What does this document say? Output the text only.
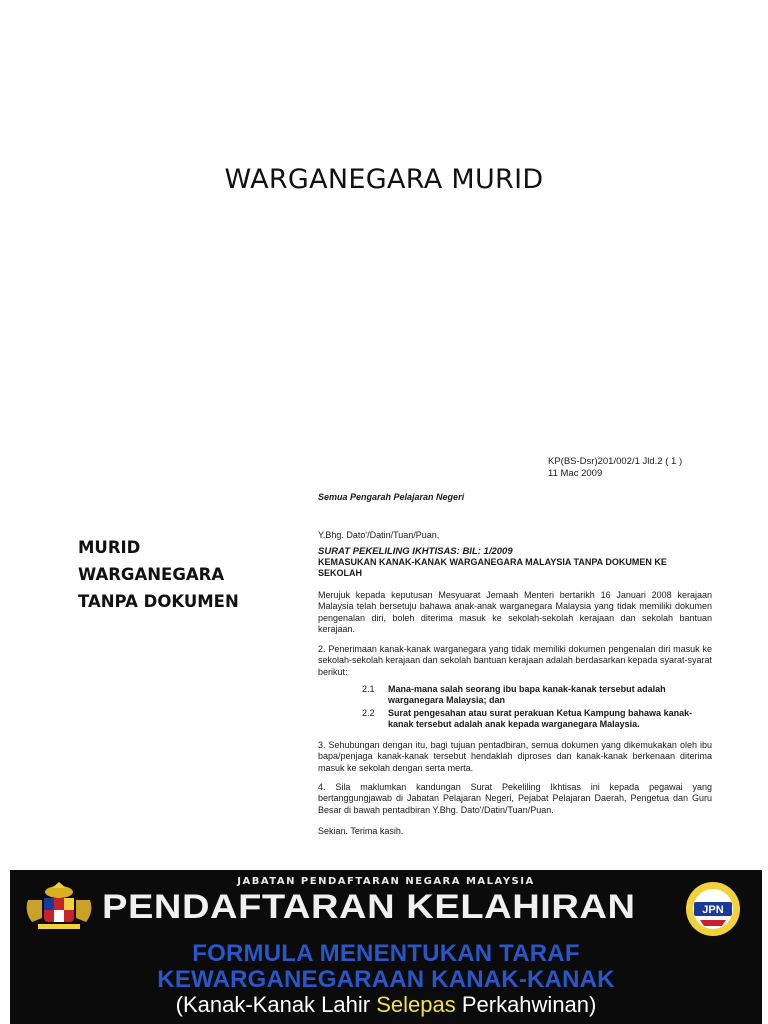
WARGANEGARA MURID
MURID
WARGANEGARA
TANPA DOKUMEN
KP(BS-Dsr)201/002/1 Jld.2 ( 1 )
11 Mac 2009

Semua Pengarah Pelajaran Negeri

Y.Bhg. Dato'/Datin/Tuan/Puan,

SURAT PEKELILING IKHTISAS: BIL: 1/2009
KEMASUKAN KANAK-KANAK WARGANEGARA MALAYSIA TANPA DOKUMEN KE SEKOLAH

Merujuk kepada keputusan Mesyuarat Jemaah Menteri bertarikh 16 Januari 2008 kerajaan Malaysia telah bersetuju bahawa anak-anak warganegara Malaysia yang tidak memiliki dokumen pengenalan diri, boleh diterima masuk ke sekolah-sekolah kerajaan dan sekolah bantuan kerajaan.

2. Penerimaan kanak-kanak warganegara yang tidak memiliki dokumen pengenalan diri masuk ke sekolah-sekolah kerajaan dan sekolah bantuan kerajaan adalah berdasarkan kepada syarat-syarat berikut:

2.1	Mana-mana salah seorang ibu bapa kanak-kanak tersebut adalah warganegara Malaysia; dan
2.2	Surat pengesahan atau surat perakuan Ketua Kampung bahawa kanak-kanak tersebut adalah anak kepada warganegara Malaysia.

3. Sehubungan dengan itu, bagi tujuan pentadbiran, semua dokumen yang dikemukakan oleh ibu bapa/penjaga kanak-kanak tersebut hendaklah diproses dan kanak-kanak berkenaan diterima masuk ke sekolah dengan serta merta.

4. Sila maklumkan kandungan Surat Pekeliling Ikhtisas ini kepada pegawai yang bertanggungjawab di Jabatan Pelajaran Negeri, Pejabat Pelajaran Daerah, Pengetua dan Guru Besar di bawah pentadbiran Y.Bhg. Dato'/Datin/Tuan/Puan.

Sekian. Terima kasih.

JABATAN PENDAFTARAN NEGARA MALAYSIA
PENDAFTARAN KELAHIRAN	JPN
FORMULA MENENTUKAN TARAF
KEWARGANEGARAAN KANAK-KANAK
(Kanak-Kanak Lahir Selepas Perkahwinan)
